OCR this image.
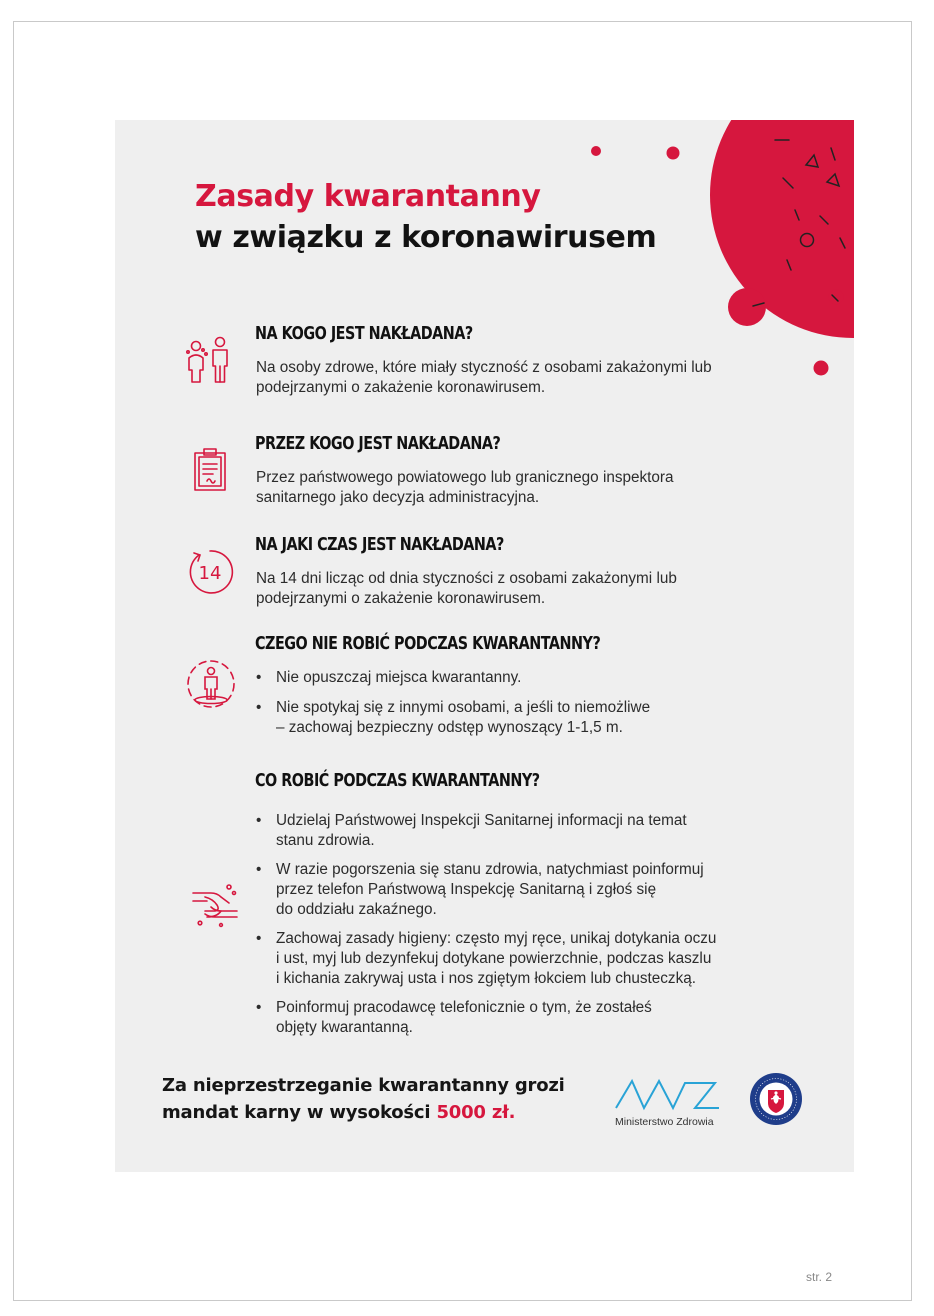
Zasady kwarantanny
w związku z koronawirusem
NA KOGO JEST NAKŁADANA?

Na osoby zdrowe, które miały styczność z osobami zakażonymi lub podejrzanymi o zakażenie koronawirusem.

PRZEZ KOGO JEST NAKŁADANA?

Przez państwowego powiatowego lub granicznego inspektora sanitarnego jako decyzja administracyjna.

14
NA JAKI CZAS JEST NAKŁADANA?

Na 14 dni licząc od dnia styczności z osobami zakażonymi lub podejrzanymi o zakażenie koronawirusem.

CZEGO NIE ROBIĆ PODCZAS KWARANTANNY?
• Nie opuszczaj miejsca kwarantanny.
• Nie spotykaj się z innymi osobami, a jeśli to niemożliwe
– zachowaj bezpieczny odstęp wynoszący 1-1,5 m.
CO ROBIĆ PODCZAS KWARANTANNY?
• Udzielaj Państwowej Inspekcji Sanitarnej informacji na temat
stanu zdrowia.
• W razie pogorszenia się stanu zdrowia, natychmiast poinformuj
przez telefon Państwową Inspekcję Sanitarną i zgłoś się
do oddziału zakaźnego.
• Zachowaj zasady higieny: często myj ręce, unikaj dotykania oczu
i ust, myj lub dezynfekuj dotykane powierzchnie, podczas kaszlu
i kichania zakrywaj usta i nos zgiętym łokciem lub chusteczką.
• Poinformuj pracodawcę telefonicznie o tym, że zostałeś
objęty kwarantanną.

Za nieprzestrzeganie kwarantanny grozi
mandat karny w wysokości 5000 zł.	Ministerstwo Zdrowia
str. 2
